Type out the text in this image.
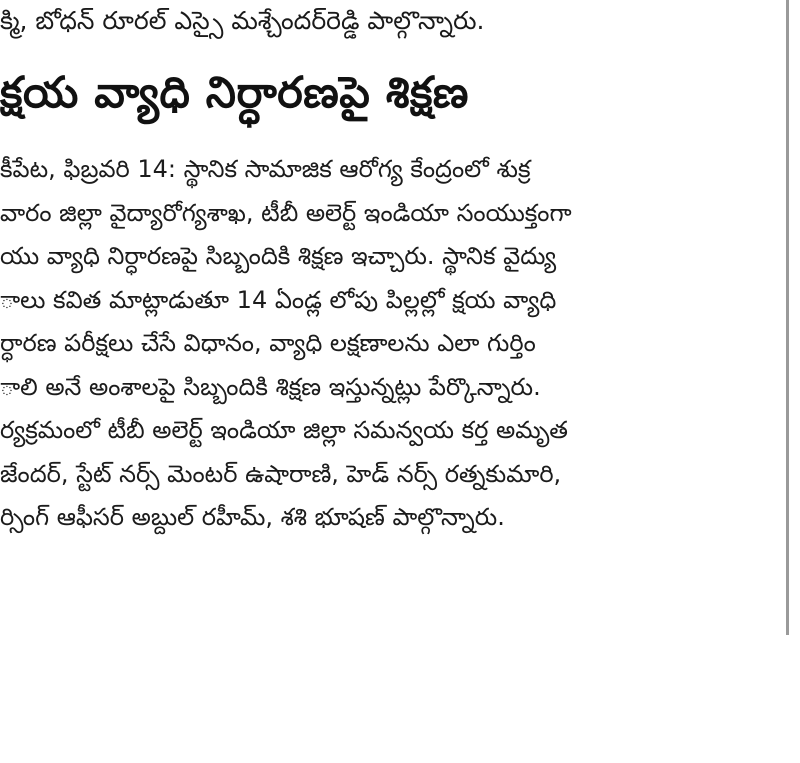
క్మి, బోధన్ రూరల్ ఎస్సై మశ్చేందర్‌రెడ్డి పాల్గొన్నారు.
క్షయ వ్యాధి నిర్ధారణపై శిక్షణ
కీపేట, ఫిబ్రవరి 14: స్థానిక సామాజిక ఆరోగ్య కేంద్రంలో శుక్ర
వారం జిల్లా వైద్యారోగ్యశాఖ, టీబీ అలెర్ట్ ఇండియా సంయుక్తంగా
యు వ్యాధి నిర్ధారణపై సిబ్బందికి శిక్షణ ఇచ్చారు. స్థానిక వైద్యు
ాలు కవిత మాట్లాడుతూ 14 ఏండ్ల లోపు పిల్లల్లో క్షయ వ్యాధి
ర్ధారణ పరీక్షలు చేసే విధానం, వ్యాధి లక్షణాలను ఎలా గుర్తిం
ాలి అనే అంశాలపై సిబ్బందికి శిక్షణ ఇస్తున్నట్లు పేర్కొన్నారు.
ర్యక్రమంలో టీబీ అలెర్ట్ ఇండియా జిల్లా సమన్వయ కర్త అమృత
జేందర్, స్టేట్ నర్స్ మెంటర్ ఉషారాణి, హెడ్ నర్స్ రత్నకుమారి,
ర్సింగ్ ఆఫీసర్ అబ్దుల్ రహీమ్, శశి భూషణ్ పాల్గొన్నారు.
